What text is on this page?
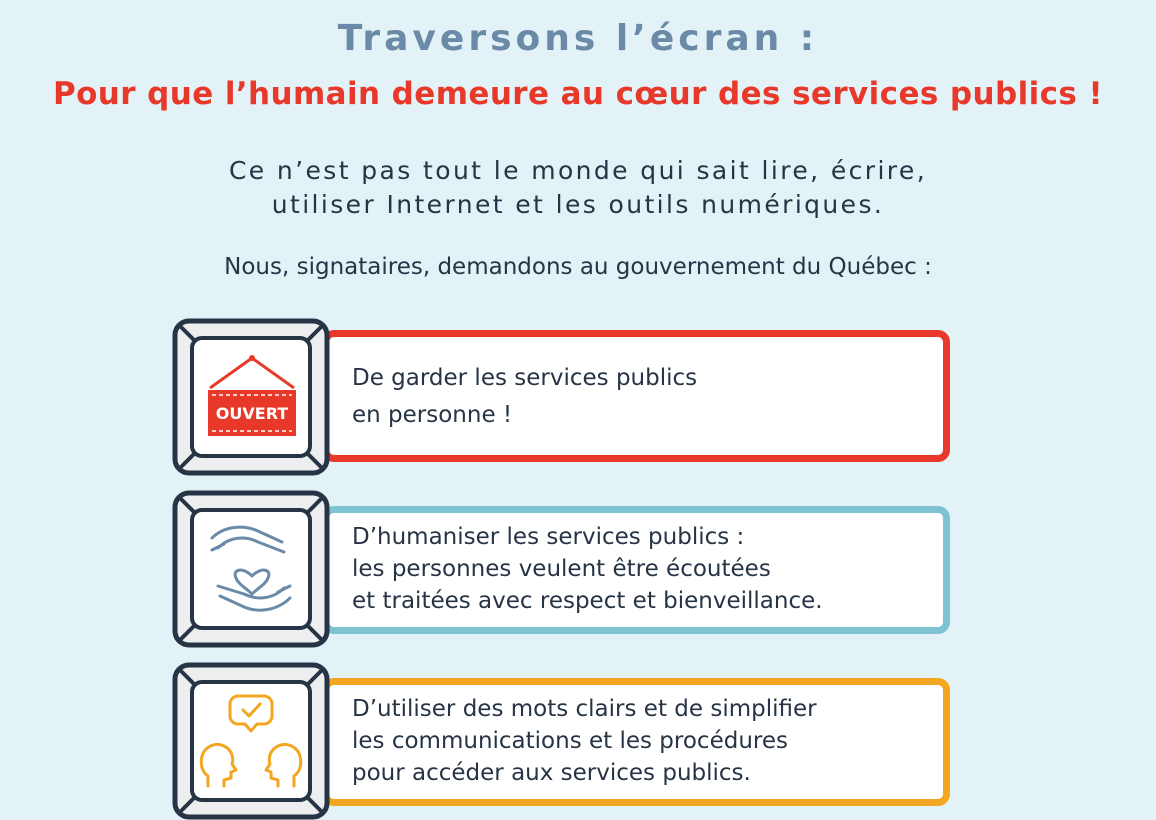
Traversons l’écran :
Pour que l’humain demeure au cœur des services publics !
Ce n’est pas tout le monde qui sait lire, écrire,
utiliser Internet et les outils numériques.
Nous, signataires, demandons au gouvernement du Québec :
De garder les services publics
en personne !
OUVERT
D’humaniser les services publics :
les personnes veulent être écoutées
et traitées avec respect et bienveillance.
D’utiliser des mots clairs et de simplifier
les communications et les procédures
pour accéder aux services publics.
